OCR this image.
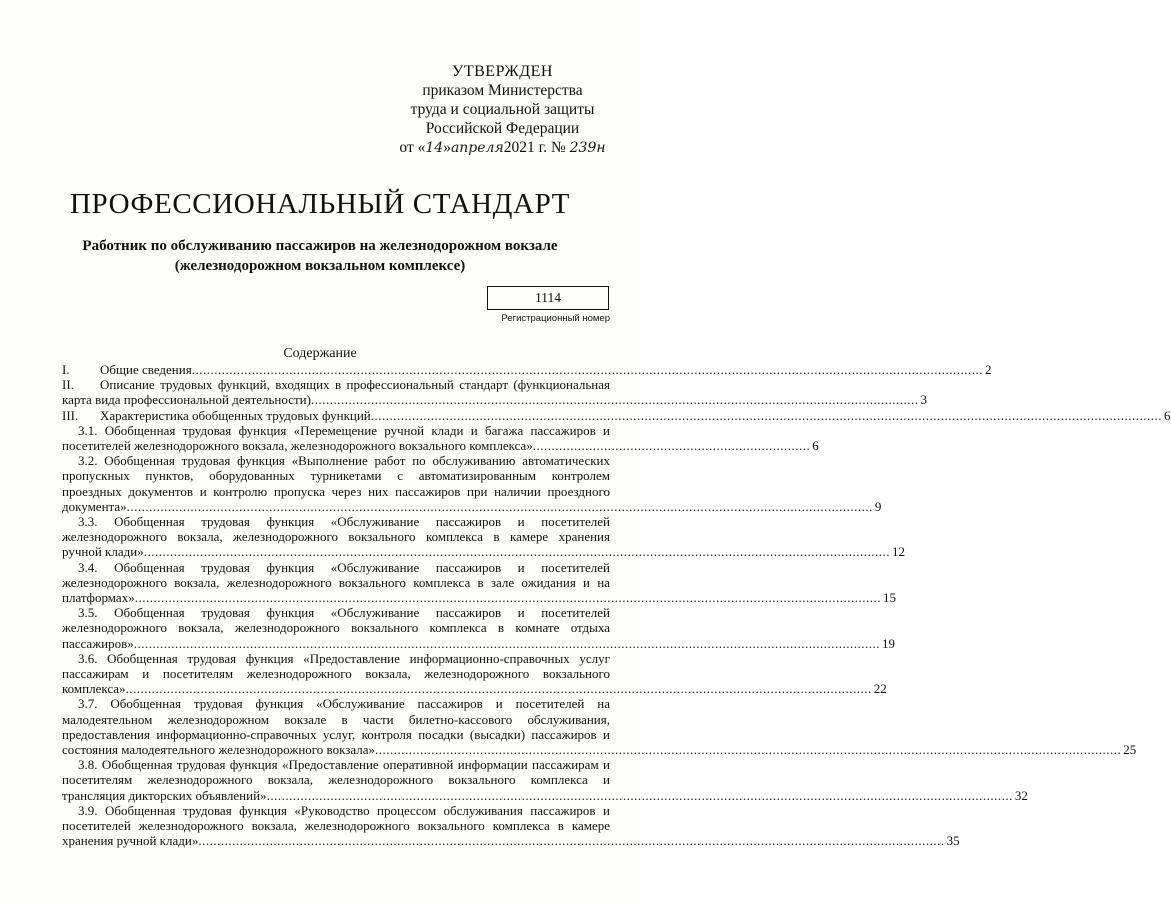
УТВЕРЖДЕН
приказом Министерства
труда и социальной защиты
Российской Федерации
от «14»апреля2021 г. № 239н
ПРОФЕССИОНАЛЬНЫЙ СТАНДАРТ
Работник по обслуживанию пассажиров на железнодорожном вокзале
(железнодорожном вокзальном комплексе)
1114
Регистрационный номер
Содержание
I.	Общие сведения................................................................................................................................................................................................................... 2
II.	Описание трудовых функций, входящих в профессиональный стандарт (функциональная

карта вида профессиональной деятельности) .................................................................................................................................................................. 3
III.	Характеристика обобщенных трудовых функций................................................................................................................................................................................................................... 6

3.1. Обобщенная трудовая функция «Перемещение ручной клади и багажа пассажиров и

посетителей железнодорожного вокзала, железнодорожного вокзального комплекса» .......................................................................... 6

3.2. Обобщенная трудовая функция «Выполнение работ по обслуживанию автоматических

пропускных пунктов, оборудованных турникетами с автоматизированным контролем

проездных документов и контролю пропуска через них пассажиров при наличии проездного

документа» ....................................................................................................................................................................................................... 9

3.3. Обобщенная трудовая функция «Обслуживание пассажиров и посетителей

железнодорожного вокзала, железнодорожного вокзального комплекса в камере хранения

ручной клади» ....................................................................................................................................................................................................... 12

3.4. Обобщенная трудовая функция «Обслуживание пассажиров и посетителей

железнодорожного вокзала, железнодорожного вокзального комплекса в зале ожидания и на

платформах» ....................................................................................................................................................................................................... 15

3.5. Обобщенная трудовая функция «Обслуживание пассажиров и посетителей

железнодорожного вокзала, железнодорожного вокзального комплекса в комнате отдыха

пассажиров» ....................................................................................................................................................................................................... 19

3.6. Обобщенная трудовая функция «Предоставление информационно-справочных услуг

пассажирам и посетителям железнодорожного вокзала, железнодорожного вокзального

комплекса» ....................................................................................................................................................................................................... 22

3.7. Обобщенная трудовая функция «Обслуживание пассажиров и посетителей на

малодеятельном железнодорожном вокзале в части билетно-кассового обслуживания,

предоставления информационно-справочных услуг, контроля посадки (высадки) пассажиров и

состояния малодеятельного железнодорожного вокзала» ....................................................................................................................................................................................................... 25

3.8. Обобщенная трудовая функция «Предоставление оперативной информации пассажирам и

посетителям железнодорожного вокзала, железнодорожного вокзального комплекса и

трансляция дикторских объявлений» ....................................................................................................................................................................................................... 32

3.9. Обобщенная трудовая функция «Руководство процессом обслуживания пассажиров и

посетителей железнодорожного вокзала, железнодорожного вокзального комплекса в камере

хранения ручной клади» ....................................................................................................................................................................................................... 35
